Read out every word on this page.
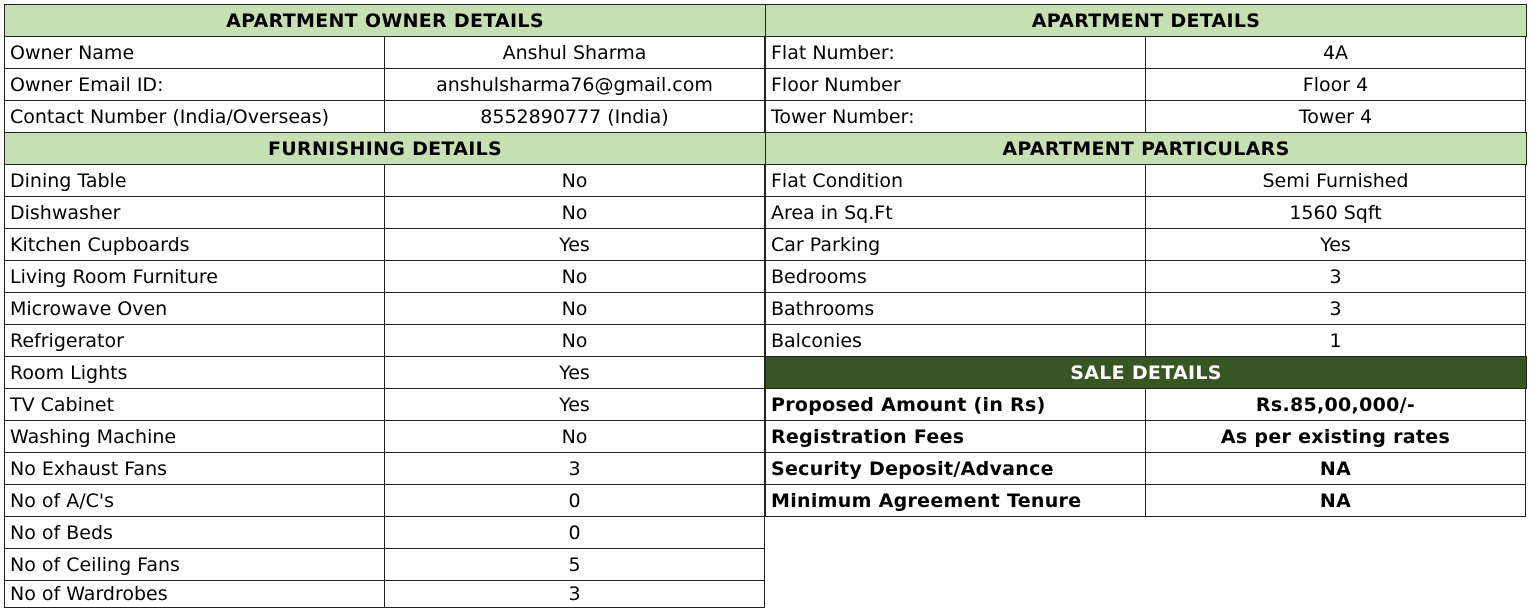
APARTMENT OWNER DETAILS
Owner Name	Anshul Sharma
Owner Email ID:	anshulsharma76@gmail.com
Contact Number (India/Overseas)	8552890777 (India)
FURNISHING DETAILS
Dining Table	No
Dishwasher	No
Kitchen Cupboards	Yes
Living Room Furniture	No
Microwave Oven	No
Refrigerator	No
Room Lights	Yes
TV Cabinet	Yes
Washing Machine	No
No Exhaust Fans	3
No of A/C's	0
No of Beds	0
No of Ceiling Fans	5
No of Wardrobes	3
APARTMENT DETAILS
Flat Number:	4A
Floor Number	Floor 4
Tower Number:	Tower 4
APARTMENT PARTICULARS
Flat Condition	Semi Furnished
Area in Sq.Ft	1560 Sqft
Car Parking	Yes
Bedrooms	3
Bathrooms	3
Balconies	1
SALE DETAILS
Proposed Amount (in Rs)	Rs.85,00,000/-
Registration Fees	As per existing rates
Security Deposit/Advance	NA
Minimum Agreement Tenure	NA
